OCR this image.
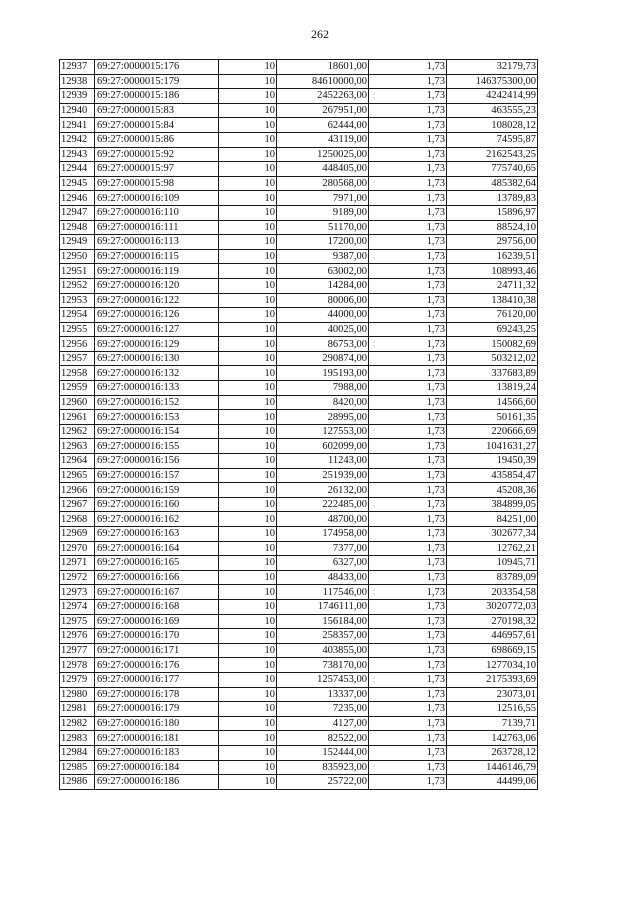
262
12937	69:27:0000015:176	10	18601,00	1,73	32179,73
12938	69:27:0000015:179	10	84610000,00	1,73	146375300,00
12939	69:27:0000015:186	10	2452263,00	1,73	4242414,99
12940	69:27:0000015:83	10	267951,00	1,73	463555,23
12941	69:27:0000015:84	10	62444,00	1,73	108028,12
12942	69:27:0000015:86	10	43119,00	1,73	74595,87
12943	69:27:0000015:92	10	1250025,00	1,73	2162543,25
12944	69:27:0000015:97	10	448405,00	1,73	775740,65
12945	69:27:0000015:98	10	280568,00	1,73	485382,64
12946	69:27:0000016:109	10	7971,00	1,73	13789,83
12947	69:27:0000016:110	10	9189,00	1,73	15896,97
12948	69:27:0000016:111	10	51170,00	1,73	88524,10
12949	69:27:0000016:113	10	17200,00	1,73	29756,00
12950	69:27:0000016:115	10	9387,00	1,73	16239,51
12951	69:27:0000016:119	10	63002,00	1,73	108993,46
12952	69:27:0000016:120	10	14284,00	1,73	24711,32
12953	69:27:0000016:122	10	80006,00	1,73	138410,38
12954	69:27:0000016:126	10	44000,00	1,73	76120,00
12955	69:27:0000016:127	10	40025,00	1,73	69243,25
12956	69:27:0000016:129	10	86753,00	1,73	150082,69
12957	69:27:0000016:130	10	290874,00	1,73	503212,02
12958	69:27:0000016:132	10	195193,00	1,73	337683,89
12959	69:27:0000016:133	10	7988,00	1,73	13819,24
12960	69:27:0000016:152	10	8420,00	1,73	14566,60
12961	69:27:0000016:153	10	28995,00	1,73	50161,35
12962	69:27:0000016:154	10	127553,00	1,73	220666,69
12963	69:27:0000016:155	10	602099,00	1,73	1041631,27
12964	69:27:0000016:156	10	11243,00	1,73	19450,39
12965	69:27:0000016:157	10	251939,00	1,73	435854,47
12966	69:27:0000016:159	10	26132,00	1,73	45208,36
12967	69:27:0000016:160	10	222485,00	1,73	384899,05
12968	69:27:0000016:162	10	48700,00	1,73	84251,00
12969	69:27:0000016:163	10	174958,00	1,73	302677,34
12970	69:27:0000016:164	10	7377,00	1,73	12762,21
12971	69:27:0000016:165	10	6327,00	1,73	10945,71
12972	69:27:0000016:166	10	48433,00	1,73	83789,09
12973	69:27:0000016:167	10	117546,00	1,73	203354,58
12974	69:27:0000016:168	10	1746111,00	1,73	3020772,03
12975	69:27:0000016:169	10	156184,00	1,73	270198,32
12976	69:27:0000016:170	10	258357,00	1,73	446957,61
12977	69:27:0000016:171	10	403855,00	1,73	698669,15
12978	69:27:0000016:176	10	738170,00	1,73	1277034,10
12979	69:27:0000016:177	10	1257453,00	1,73	2175393,69
12980	69:27:0000016:178	10	13337,00	1,73	23073,01
12981	69:27:0000016:179	10	7235,00	1,73	12516,55
12982	69:27:0000016:180	10	4127,00	1,73	7139,71
12983	69:27:0000016:181	10	82522,00	1,73	142763,06
12984	69:27:0000016:183	10	152444,00	1,73	263728,12
12985	69:27:0000016:184	10	835923,00	1,73	1446146,79
12986	69:27:0000016:186	10	25722,00	1,73	44499,06
